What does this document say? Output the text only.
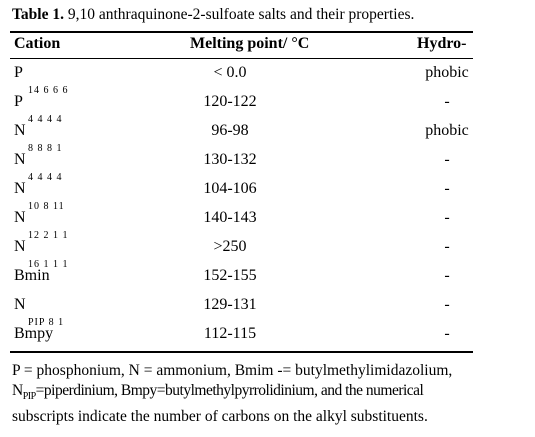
Table 1. 9,10 anthraquinone-2-sulfoate salts and their properties.
Cation	Melting point/ °C	Hydro-
P	< 0.0	phobic
14 6 6 6
P	120-122	-
4 4 4 4
N	96-98	phobic
8 8 8 1
N	130-132	-
4 4 4 4
N	104-106	-
10 8 11
N	140-143	-
12 2 1 1
N	>250	-
16 1 1 1
Bmin	152-155	-
N	129-131	-
PIP 8 1
Bmpy	112-115	-
P = phosphonium, N = ammonium, Bmim -= butylmethylimidazolium,
$N_{PIP}=piperdinium$, Bmpy=butylmethylpyrrolidinium, and the numerical
subscripts indicate the number of carbons on the alkyl substituents.
